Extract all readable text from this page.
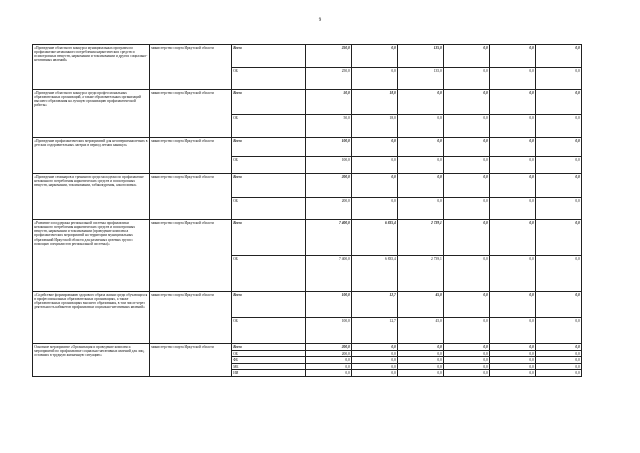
9
«Проведение областного конкурса муниципальных программ по профилактике незаконного потребления наркотических средств и психотропных веществ, наркомании и токсикомании и других социально-негативных явлений»	министерство спорта Иркутской области	Всего	250,0	0,0	135,0	0,0	0,0	0,0
		ОБ	250,0	0,0	135,0	0,0	0,0	0,0
«Проведение областного конкурса среди профессиональных образовательных организаций, а также образовательных организаций высшего образования на лучшую организацию профилактической работы»	министерство спорта Иркутской области	Всего	50,0	18,0	0,0	0,0	0,0	0,0
		ОБ	50,0	18,0	0,0	0,0	0,0	0,0
«Проведение профилактических мероприятий для несовершеннолетних в детских оздоровительных лагерях в период летних каникул»	министерство спорта Иркутской области	Всего	100,0	0,0	0,0	0,0	0,0	0,0
		ОБ	100,0	0,0	0,0	0,0	0,0	0,0
«Проведение семинаров и тренингов среди молодежи по профилактике незаконного потребления наркотических средств и психотропных веществ, наркомании, токсикомании, табакокурения, алкоголизма»	министерство спорта Иркутской области	Всего	200,0	0,0	0,0	0,0	0,0	0,0
		ОБ	200,0	0,0	0,0	0,0	0,0	0,0
«Развитие и поддержка региональной системы профилактики незаконного потребления наркотических средств и психотропных веществ, наркомании и токсикомании (проведение комплекса профилактических мероприятий на территории муниципальных образований Иркутской области для различных целевых групп с помощью специалистов региональной системы)»	министерство спорта Иркутской области	Всего	7 400,0	6 835,4	2 739,1	0,0	0,0	0,0
		ОБ	7 400,0	6 835,4	2 739,1	0,0	0,0	0,0
«Содействие формированию здорового образа жизни среди обучающихся в профессиональных образовательных организациях, а также образовательных организациях высшего образования, в том числе через деятельность кабинетов профилактики социально-негативных явлений»	министерство спорта Иркутской области	Всего	100,0	12,7	45,0	0,0	0,0	0,0
		ОБ	100,0	12,7	45,0	0,0	0,0	0,0
Основное мероприятие «Организация и проведение комплекса мероприятий по профилактике социально-негативных явлений для лиц, оставших в трудную жизненную ситуацию»	министерство спорта Иркутской области	Всего	200,0	0,0	0,0	0,0	0,0	0,0
		ОБ	200,0	0,0	0,0	0,0	0,0	0,0
		ФБ	0,0	0,0	0,0	0,0	0,0	0,0
		МБ	0,0	0,0	0,0	0,0	0,0	0,0
		ИИ	0,0	0,0	0,0	0,0	0,0	0,0
